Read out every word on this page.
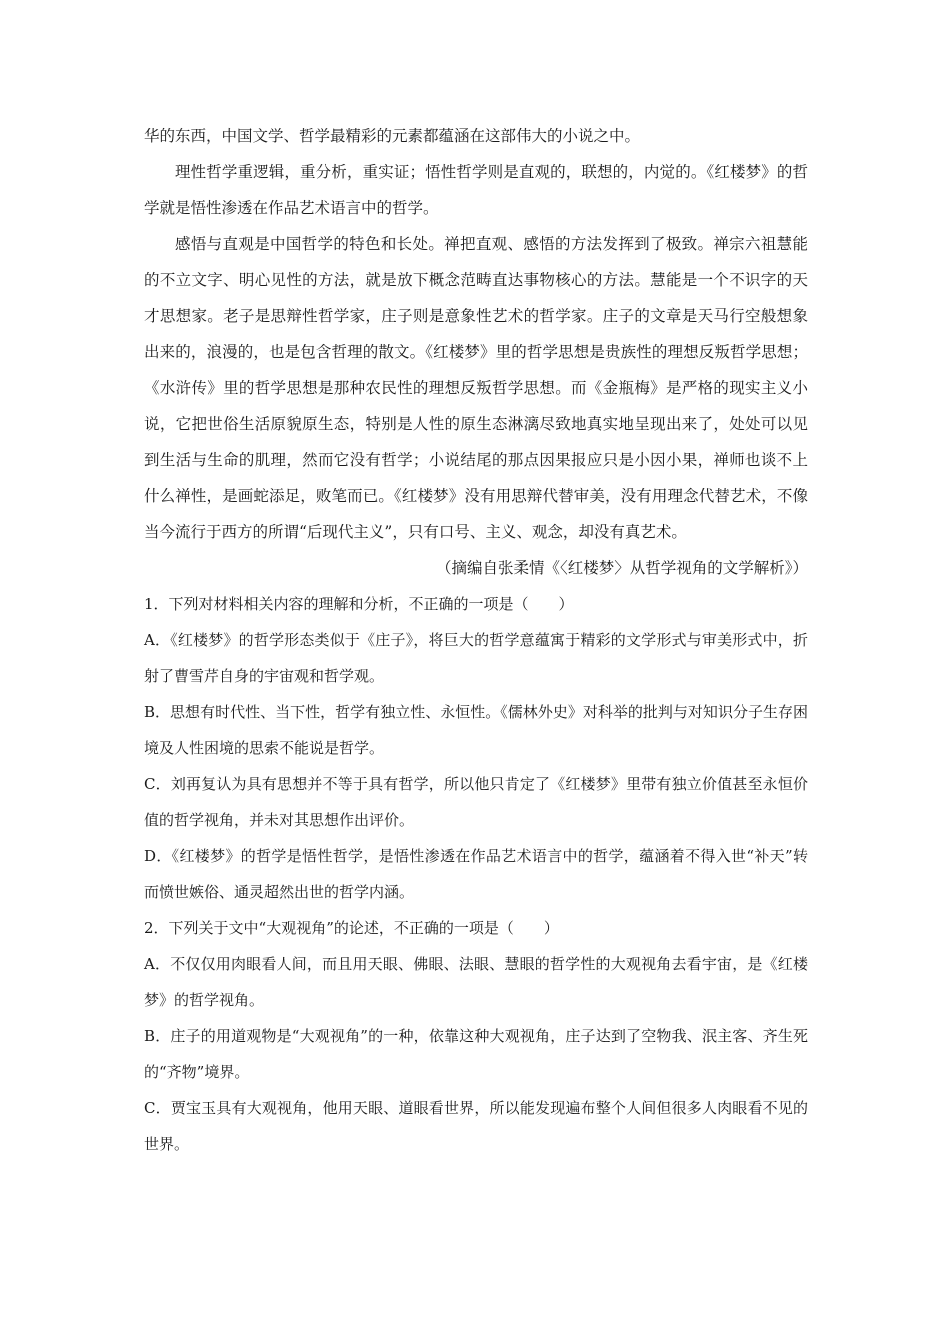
华的东西，中国文学、哲学最精彩的元素都蕴涵在这部伟大的小说之中。

理性哲学重逻辑，重分析，重实证；悟性哲学则是直观的，联想的，内觉的。《红楼梦》的哲学就是悟性渗透在作品艺术语言中的哲学。

感悟与直观是中国哲学的特色和长处。禅把直观、感悟的方法发挥到了极致。禅宗六祖慧能的不立文字、明心见性的方法，就是放下概念范畴直达事物核心的方法。慧能是一个不识字的天才思想家。老子是思辩性哲学家，庄子则是意象性艺术的哲学家。庄子的文章是天马行空般想象出来的，浪漫的，也是包含哲理的散文。《红楼梦》里的哲学思想是贵族性的理想反叛哲学思想；《水浒传》里的哲学思想是那种农民性的理想反叛哲学思想。而《金瓶梅》是严格的现实主义小说，它把世俗生活原貌原生态，特别是人性的原生态淋漓尽致地真实地呈现出来了，处处可以见到生活与生命的肌理，然而它没有哲学；小说结尾的那点因果报应只是小因小果，禅师也谈不上什么禅性，是画蛇添足，败笔而已。《红楼梦》没有用思辩代替审美，没有用理念代替艺术，不像当今流行于西方的所谓“后现代主义”，只有口号、主义、观念，却没有真艺术。

（摘编自张柔情《〈红楼梦〉从哲学视角的文学解析》）

1．下列对材料相关内容的理解和分析，不正确的一项是（　　）

A．《红楼梦》的哲学形态类似于《庄子》，将巨大的哲学意蕴寓于精彩的文学形式与审美形式中，折射了曹雪芹自身的宇宙观和哲学观。

B．思想有时代性、当下性，哲学有独立性、永恒性。《儒林外史》对科举的批判与对知识分子生存困境及人性困境的思索不能说是哲学。

C．刘再复认为具有思想并不等于具有哲学，所以他只肯定了《红楼梦》里带有独立价值甚至永恒价值的哲学视角，并未对其思想作出评价。

D．《红楼梦》的哲学是悟性哲学，是悟性渗透在作品艺术语言中的哲学，蕴涵着不得入世“补天”转而愤世嫉俗、通灵超然出世的哲学内涵。

2．下列关于文中“大观视角”的论述，不正确的一项是（　　）

A．不仅仅用肉眼看人间，而且用天眼、佛眼、法眼、慧眼的哲学性的大观视角去看宇宙，是《红楼梦》的哲学视角。

B．庄子的用道观物是“大观视角”的一种，依靠这种大观视角，庄子达到了空物我、泯主客、齐生死的“齐物”境界。

C．贾宝玉具有大观视角，他用天眼、道眼看世界，所以能发现遍布整个人间但很多人肉眼看不见的世界。
